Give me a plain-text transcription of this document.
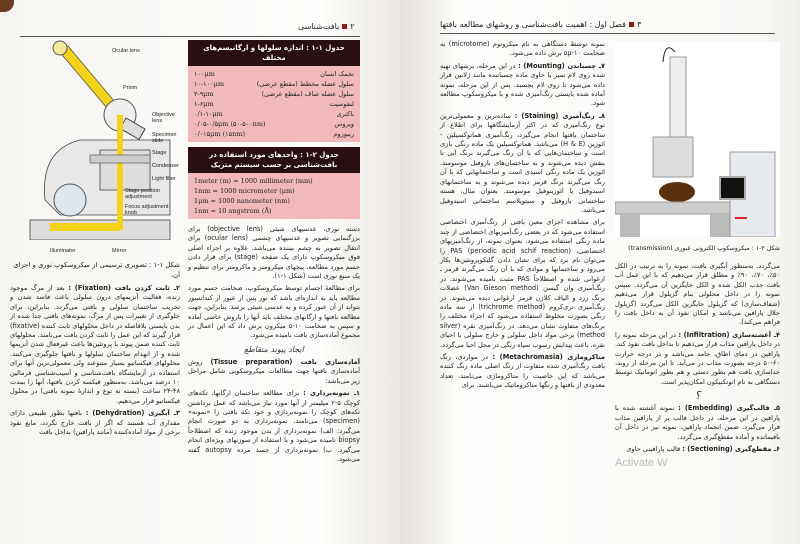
۲بافت‌شناسی
Ocular lens
Prism
Objective lens
Specimen slide
Stage
Condenser
Light filter
Stage position adjustment
Focus adjustment knob
Illuminator	Mirror
شکل ۱-۱ : تصویری ترسیمی از میکروسکوپ نوری و اجزای آن.
جدول ۱-۱ : اندازه سلولها و ارگانیسم‌های مختلف
تخمک انسان
۱۰۰μm
سلول عضله مخطط (مقطع عرضی)
۱۰-۱۰۰μm
سلول عضله صاف (مقطع عرضی)
۲-۹μm
لنفوسیت
۱-۶μm
باکتری
۰/۱-۱۰μm
ویروس
۰/۰۵-۰/۵μm (۵۰-۵۰۰nm)
ریبوزوم
۰/۰۱۵μm (۱۵nm)
جدول ۲-۱ : واحدهای مورد استفاده در بافت‌شناسی بر حسب سیستم متریک
1meter (m) = 1000 millimeter (mm)
1mm = 1000 micrometer (μm)
1μm = 1000 nanometer (nm)
1nm = 10 angstrom (Å)

۲ـ ثابت کردن بافت (Fixation) : بعد از مرگ موجود زنده، فعالیت آنزیمهای درون سلولی باعث فاسد شدن و تخریب ساختمان سلولی و بافتی می‌گردد. بنابراین، برای جلوگیری از تغییرات پس از مرگ، نمونه‌های بافتی جدا شده از بدن بایستی بلافاصله در داخل محلولهای ثابت کننده (fixative) قرار گیرند که این عمل را ثابت کردن بافت می‌نامند. محلولهای ثابت کننده ضمن پیوند با پروتئین‌ها باعث غیرفعال شدن آنزیمها شده و از انهدام ساختمان سلولها و بافتها جلوگیری می‌کنند. محلولهای فیکساتیو بسیار متنوعند ولی معمولی‌ترین آنها برای استفاده در آزمایشگاه بافت‌شناسی و آسیب‌شناسی فرمالین ۱۰ درصد می‌باشد. به‌منظور فیکسه کردن بافتها، آنها را بمدت ۴۸-۲۴ ساعت (بسته به نوع و اندازهٔ نمونه بافتی) در محلول فیکساتیو قرار می‌دهیم.

۳ـ آبگیری (Dehydration) : بافتها بطور طبیعی دارای مقداری آب هستند که اگر از بافت خارج نگردد، مانع نفوذ برخی از مواد آماده‌کننده (مانند پارافین) بداخل بافت

دسته نوری، عدسیهای شیئی (objective lens) برای بزرگنمایی تصویر و عدسیهای چشمی (ocular lens) برای انتقال تصویر به چشم بیننده می‌باشد. علاوه بر اجزاء اصلی فوق میکروسکوپ دارای یک صفحه (stage) برای قرار دادن جسم مورد مطالعه، پیچهای میکرومتر و ماکرومتر برای تنظیم و یک منبع نوری است (شکل ۱-۱).

برای مطالعهٔ اجسام توسط میکروسکوپ، ضخامت جسم مورد مطالعه باید به اندازه‌ای باشد که نور پس از عبور از کندانسور بتواند از آن عبور کرده و به عدسی شیئی برسد. بنابراین، جهت مطالعه بافتها و ارگانهای مختلف باید آنها را باروش خاصی آماده و سپس به ضخامت ۱۰-۵ میکرون برش داد که این اعمال در مجموع آماده‌سازی بافت نامیده می‌شود.

ایجاد پیوند متقاطع

آماده‌سازی بافت (Tissue preparation) روش آماده‌سازی بافتها جهت مطالعات میکروسکوپی شامل مراحل زیر می‌باشد:

۱ـ نمونه‌برداری : برای مطالعه ساختمان ارگانها، تکه‌های کوچک ۵-۲ میلیمتر از آنها مورد نیاز می‌باشد که عمل برداشتن تکه‌های کوچک را نمونه‌برداری و خود تکه بافتی را «نمونه» (specimen) می‌نامند. نمونه‌برداری به دو صورت انجام می‌گیرد: الف) نمونه‌برداری از بدن موجود زنده که اصطلاحاً biopsy نامیده می‌شود و با استفاده از سوزنهای ویژه‌ای انجام می‌گیرد. ب) نمونه‌برداری از جسد مرده autopsy گفته می‌شود.

۳فصل اول : اهمیت بافت‌شناسی و روشهای مطالعه بافتها

نمونه توسط دستگاهی به نام میکروتوم (microtome) به ضخامت ۱۰-۵μ برش داده می‌شود.

۷ـ چسباندن (Mounting) : در این مرحله، برشهای تهیه شده روی لام تمیز یا حاوی ماده چسباننده مانند ژلاتین قرار داده می‌شود تا روی لام بچسبد. پس از این مرحله، نمونه آماده شده بایستی رنگ‌آمیزی شده و با میکروسکوپ مطالعه شود.

۸ـ رنگ‌آمیزی (Staining) : ساده‌ترین و معمولی‌ترین نوع رنگ‌آمیزی که در اکثر آزمایشگاهها برای اطلاع از ساختمان بافتها انجام می‌گیرد، رنگ‌آمیزی هماتوکسیلین - ائوزین (H & E) می‌باشد. هماتوکسیلین یک ماده رنگی بازی است و ساختمان‌هایی که با آن رنگ می‌گیرند برنگ آبی تا بنفش دیده می‌شوند و به ساختمان‌های بازوفیل موسومند. ائوزین یک ماده رنگی اسیدی است و ساختمانهایی که با آن رنگ می‌گیرند برنگ قرمز دیده می‌شوند و به ساختمانهای اسیدوفیل یا ائوزینوفیل موسومند. بعنوان مثال، هسته ساختمانی بازوفیل و سیتوپلاسم ساختمانی اسیدوفیل می‌باشد.

برای مشاهده اجزای معین بافتی از رنگ‌آمیزی اختصاصی استفاده می‌شود که در بعضی رنگ‌آمیزیهای اختصاصی از چند ماده رنگی استفاده می‌شود. بعنوان نمونه، از رنگ‌آمیزیهای اختصاصی، PAS (periodic acid schif reaction) را می‌توان نام برد که برای نشان دادن گلیکوپروتئین‌ها بکار می‌رود و ساختمانها و موادی که با آن رنگ می‌گیرند قرمز ـ ارغوانی شده و اصطلاحاً PAS مثبت نامیده می‌شوند. در رنگ‌آمیزی وان گیسن (Van Gieson method) عضلات برنگ زرد و الیاف کلاژن قرمز ارغوانی دیده می‌شوند. در رنگ‌آمیزی تری‌کروم (trichrome method) از سه ماده رنگی بصورت مخلوط استفاده می‌شود که اجزاء مختلف را برنگ‌های متفاوت نشان می‌دهد. در رنگ‌آمیزی نقره (silver method) برخی مواد داخل سلولی و خارج سلولی با احیای نقره، باعث پیدایش رسوب سیاه رنگی در محل احیا می‌گردد.

متاکرومازی (Metachromasia) : در مواردی، رنگ بافت رنگ‌آمیزی شده متفاوت از رنگ اصلی ماده رنگ کننده می‌باشد که این خاصیت را متاکروماژی می‌نامند. تعداد معدودی از بافتها و رنگها متاکروماتیک می‌باشند. برای

شکل ۲-۱ : میکروسکوپ الکترونی عبوری (transmission)

می‌گردد. به‌منظور آبگیری بافت، نمونه را به ترتیب در الکل ۵۰٪، ۷۰٪، ۹۰٪ و مطلق قرار می‌دهیم که با این عمل آب بافت جذب الکل شده و الکل جایگزین آن می‌گردد. سپس نمونه را در داخل محلولی بنام گزیلول قرار می‌دهیم (شفاف‌سازی) که گزیلول جایگزین الکل می‌گردد (گزیلول حلال پارافین می‌باشد و امکان نفوذ آن به داخل بافت را فراهم می‌کند).

۴ـ آغشته‌سازی (Infiltration) : در این مرحله نمونه را در داخل پارافین مذاب قرار می‌دهیم تا بداخل بافت نفوذ کند. پارافین در دمای اطاق، جامد می‌باشد و در درجه حرارت ۶۰-۵۰ درجه بصورت مذاب در می‌آید. تا این مرحله از روند، جداسازی بافت هم بطور دستی و هم بطور اتوماتیک توسط دستگاهی به نام اتوتکنیکون امکان‌پذیر است.

؟

۵ـ قالب‌گیری (Embedding) : نمونه آغشته شده با پارافین در این مرحله، در داخل قالب پر از پارافین مذاب قرار می‌گیرد. ضمن انجماد پارافین، نمونه نیز در داخل آن باقیمانده و آماده مقطع‌گیری می‌گردد.

۶ـ مقطع‌گیری (Sectioning) : قالب پارافینی حاوی

Activate W
